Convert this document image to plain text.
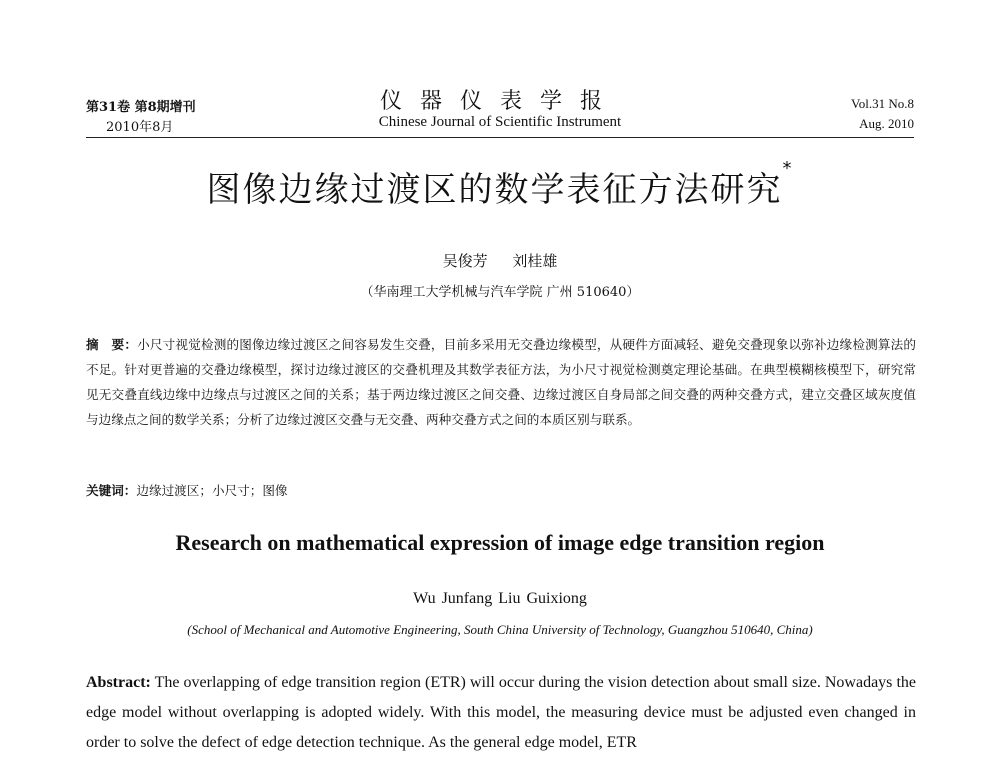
第31卷 第8期增刊
2010年8月
仪器仪表学报
Chinese Journal of Scientific Instrument
Vol.31 No.8
Aug. 2010
图像边缘过渡区的数学表征方法研究*
吴俊芳 刘桂雄
（华南理工大学机械与汽车学院 广州 510640）
摘　要：小尺寸视觉检测的图像边缘过渡区之间容易发生交叠，目前多采用无交叠边缘模型，从硬件方面减轻、避免交叠现象以弥补边缘检测算法的不足。针对更普遍的交叠边缘模型，探讨边缘过渡区的交叠机理及其数学表征方法，为小尺寸视觉检测奠定理论基础。在典型模糊核模型下，研究常见无交叠直线边缘中边缘点与过渡区之间的关系；基于两边缘过渡区之间交叠、边缘过渡区自身局部之间交叠的两种交叠方式，建立交叠区域灰度值与边缘点之间的数学关系；分析了边缘过渡区交叠与无交叠、两种交叠方式之间的本质区别与联系。
关键词：边缘过渡区；小尺寸；图像
Research on mathematical expression of image edge transition region
Wu Junfang Liu Guixiong
(School of Mechanical and Automotive Engineering, South China University of Technology, Guangzhou 510640, China)
Abstract: The overlapping of edge transition region (ETR) will occur during the vision detection about small size. Nowadays the edge model without overlapping is adopted widely. With this model, the measuring device must be adjusted even changed in order to solve the defect of edge detection technique. As the general edge model, ETR
